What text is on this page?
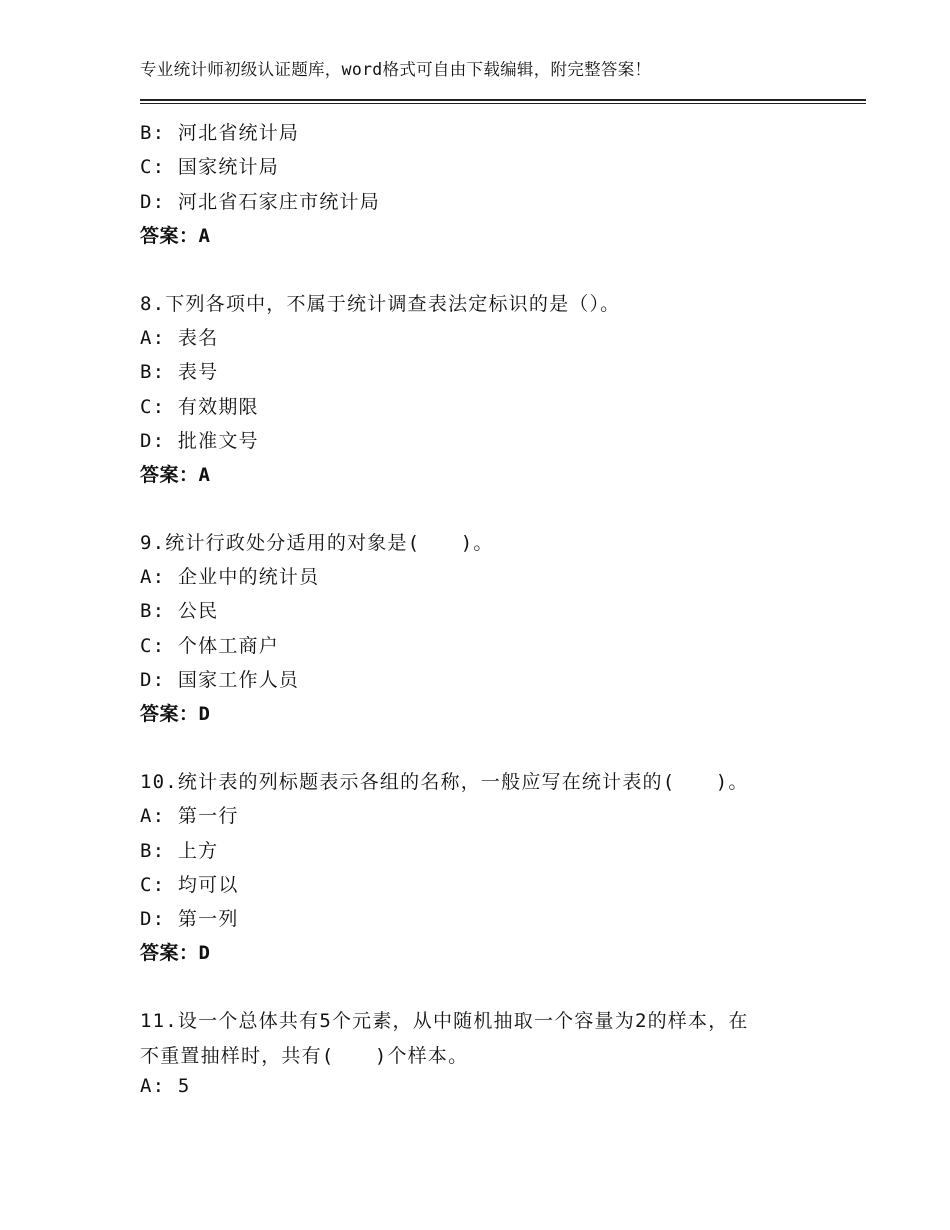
专业统计师初级认证题库，word格式可自由下载编辑，附完整答案！
B: 河北省统计局
C: 国家统计局
D: 河北省石家庄市统计局
答案：A
8.下列各项中，不属于统计调查表法定标识的是（）。
A: 表名
B: 表号
C: 有效期限
D: 批准文号
答案：A
9.统计行政处分适用的对象是(　　)。
A: 企业中的统计员
B: 公民
C: 个体工商户
D: 国家工作人员
答案：D
10.统计表的列标题表示各组的名称，一般应写在统计表的(　　)。
A: 第一行
B: 上方
C: 均可以
D: 第一列
答案：D
11.设一个总体共有5个元素，从中随机抽取一个容量为2的样本，在
不重置抽样时，共有(　　)个样本。
A: 5
